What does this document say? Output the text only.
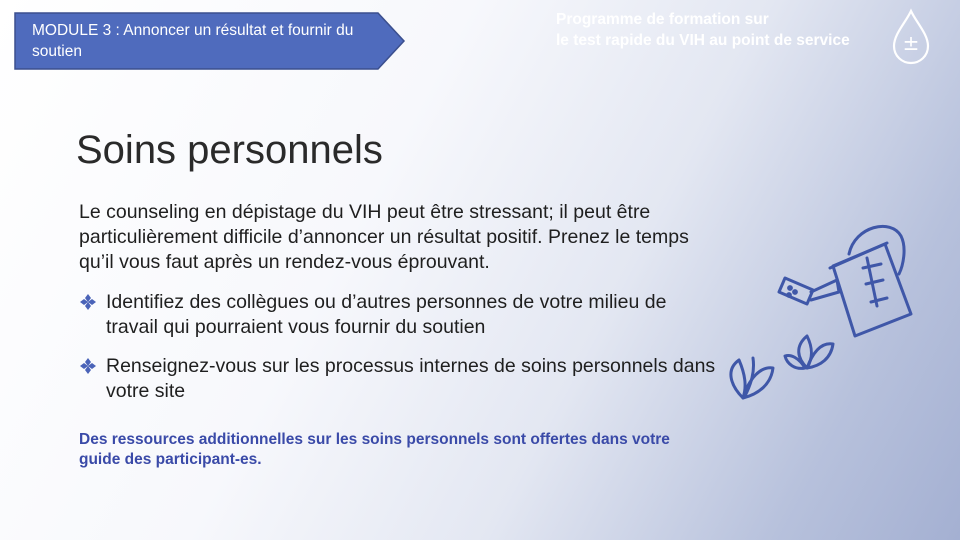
MODULE 3 : Annoncer un résultat et fournir du soutien
Programme de formation sur
le test rapide du VIH au point de service	±
Soins personnels
Le counseling en dépistage du VIH peut être stressant; il peut être particulièrement difficile d’annoncer un résultat positif. Prenez le temps qu’il vous faut après un rendez-vous éprouvant.
Identifiez des collègues ou d’autres personnes de votre milieu de travail qui pourraient vous fournir du soutien
Renseignez-vous sur les processus internes de soins personnels dans votre site
Des ressources additionnelles sur les soins personnels sont offertes dans votre guide des participant-es.
